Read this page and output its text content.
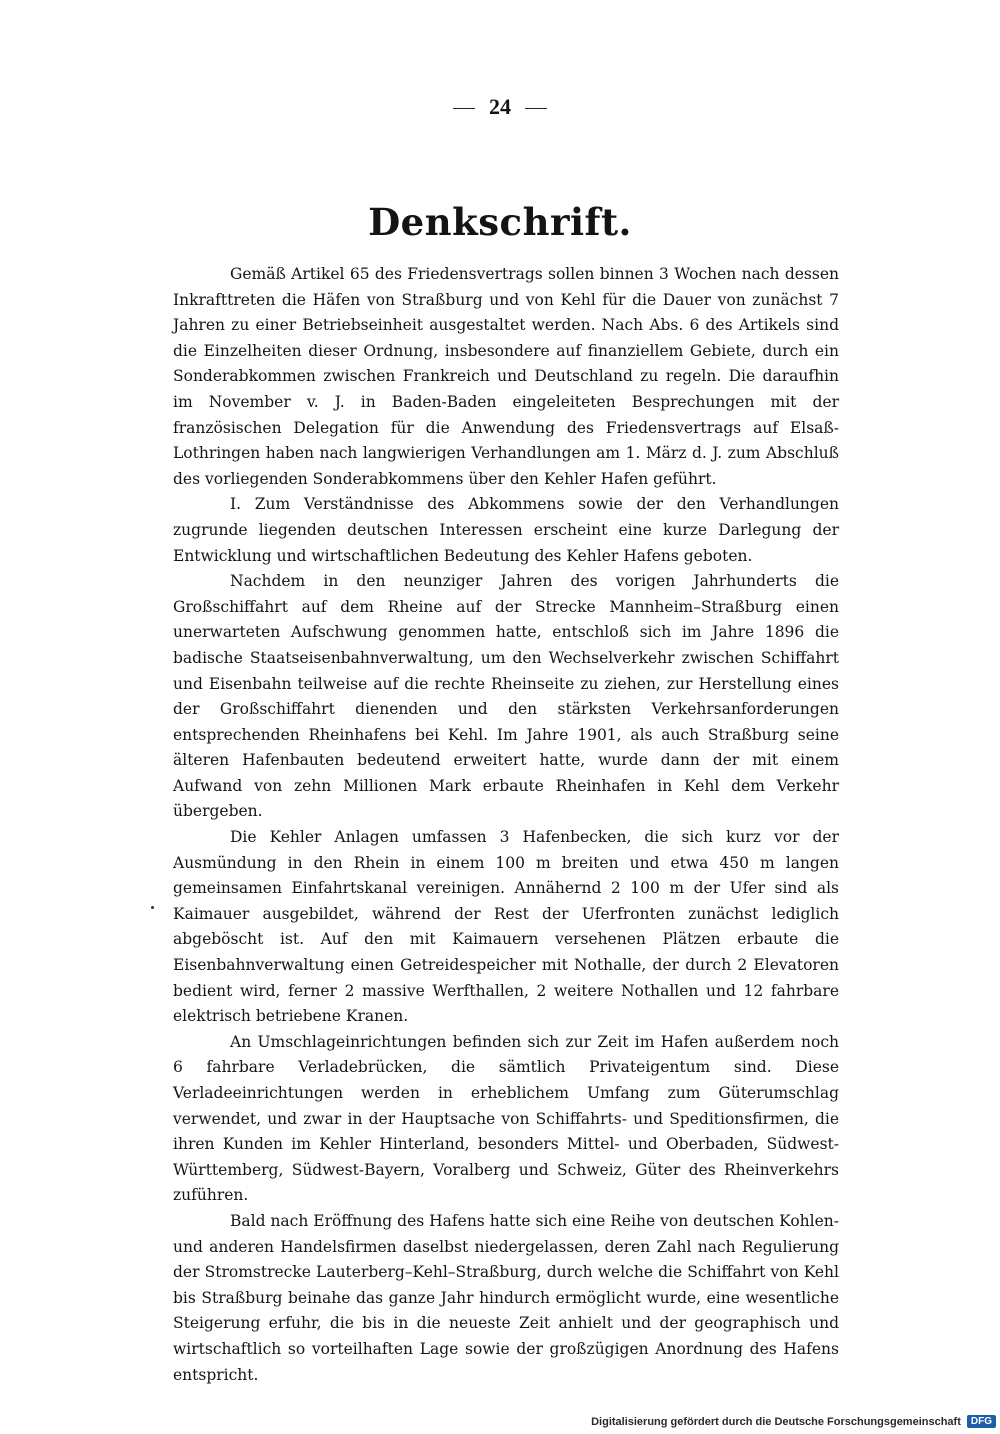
24
Denkschrift.

Gemäß Artikel 65 des Friedensvertrags sollen binnen 3 Wochen nach dessen Inkrafttreten die Häfen von Straßburg und von Kehl für die Dauer von zunächst 7 Jahren zu einer Betriebseinheit ausgestaltet werden. Nach Abs. 6 des Artikels sind die Einzelheiten dieser Ordnung, insbesondere auf finanziellem Gebiete, durch ein Sonderabkommen zwischen Frankreich und Deutschland zu regeln. Die daraufhin im November v. J. in Baden-Baden eingeleiteten Besprechungen mit der französischen Delegation für die Anwendung des Friedensvertrags auf Elsaß-Lothringen haben nach langwierigen Verhandlungen am 1. März d. J. zum Abschluß des vorliegenden Sonderabkommens über den Kehler Hafen geführt.

I. Zum Verständnisse des Abkommens sowie der den Verhandlungen zugrunde liegenden deutschen Interessen erscheint eine kurze Darlegung der Entwicklung und wirtschaftlichen Bedeutung des Kehler Hafens geboten.

Nachdem in den neunziger Jahren des vorigen Jahrhunderts die Großschiffahrt auf dem Rheine auf der Strecke Mannheim–Straßburg einen unerwarteten Aufschwung genommen hatte, entschloß sich im Jahre 1896 die badische Staatseisenbahnverwaltung, um den Wechselverkehr zwischen Schiffahrt und Eisenbahn teilweise auf die rechte Rheinseite zu ziehen, zur Herstellung eines der Großschiffahrt dienenden und den stärksten Verkehrsanforderungen entsprechenden Rheinhafens bei Kehl. Im Jahre 1901, als auch Straßburg seine älteren Hafenbauten bedeutend erweitert hatte, wurde dann der mit einem Aufwand von zehn Millionen Mark erbaute Rheinhafen in Kehl dem Verkehr übergeben.

Die Kehler Anlagen umfassen 3 Hafenbecken, die sich kurz vor der Ausmündung in den Rhein in einem 100 m breiten und etwa 450 m langen gemeinsamen Einfahrtskanal vereinigen. Annähernd 2 100 m der Ufer sind als Kaimauer ausgebildet, während der Rest der Uferfronten zunächst lediglich abgeböscht ist. Auf den mit Kaimauern versehenen Plätzen erbaute die Eisenbahnverwaltung einen Getreidespeicher mit Nothalle, der durch 2 Elevatoren bedient wird, ferner 2 massive Werfthallen, 2 weitere Nothallen und 12 fahrbare elektrisch betriebene Kranen.

An Umschlageinrichtungen befinden sich zur Zeit im Hafen außerdem noch 6 fahrbare Verladebrücken, die sämtlich Privateigentum sind. Diese Verladeeinrichtungen werden in erheblichem Umfang zum Güterumschlag verwendet, und zwar in der Hauptsache von Schiffahrts- und Speditionsfirmen, die ihren Kunden im Kehler Hinterland, besonders Mittel- und Oberbaden, Südwest-Württemberg, Südwest-Bayern, Voralberg und Schweiz, Güter des Rheinverkehrs zuführen.

Bald nach Eröffnung des Hafens hatte sich eine Reihe von deutschen Kohlen- und anderen Handelsfirmen daselbst niedergelassen, deren Zahl nach Regulierung der Stromstrecke Lauterberg–Kehl–Straßburg, durch welche die Schiffahrt von Kehl bis Straßburg beinahe das ganze Jahr hindurch ermöglicht wurde, eine wesentliche Steigerung erfuhr, die bis in die neueste Zeit anhielt und der geographisch und wirtschaftlich so vorteilhaften Lage sowie der großzügigen Anordnung des Hafens entspricht.

Digitalisierung gefördert durch die Deutsche Forschungsgemeinschaft	DFG
